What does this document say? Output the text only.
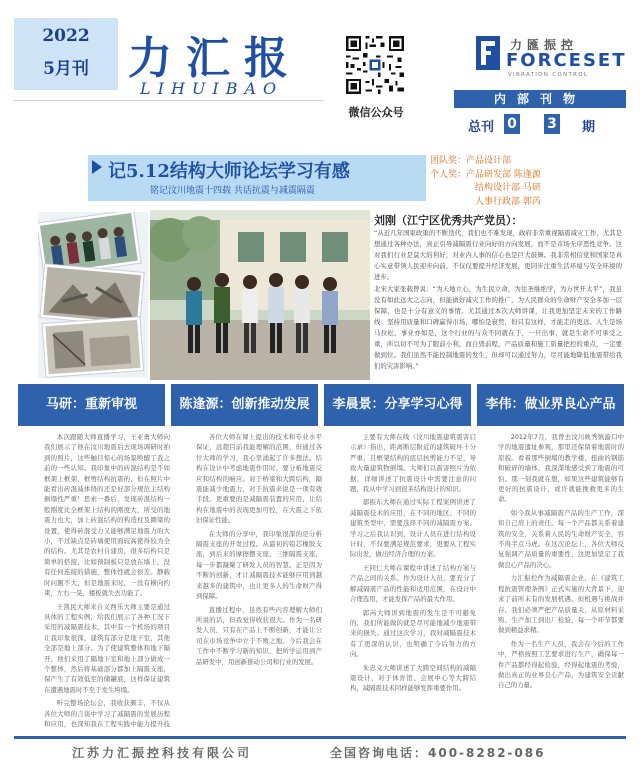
2022
5月刊 力汇报
LIHUIBAO
微信公众号
力匯振控
FORCESET
VIBRATION CONTROL
内部刊物
总刊 0 3 期
记5.12结构大师论坛学习有感
铭记汶川地震十四载 共话抗震与减震隔震
团队奖：产品设计部
个人奖：产品研发部 陈逢源
结构设计部 马研
人事行政部 郭芮
刘刚（江宁区优秀共产党员）：

“从近几年国家政策的不断迭代，我们也不难发现，政府非常重视隔震减灾工作，尤其是想通过各种办法，真正引导减隔震行业向好的方向发展，而不是市场无序恶性竞争。这对我们行业是莫大的利好，对业内人事的信心也是巨大鼓舞。我非常相信党和国家是真心实意带领人民迎步向前，不仅仅要提升经济发展，更同步注重生活环境与安全环境的进步。

北宋大家张载曾说：“为天地立心，为生民立命，为往圣继绝学，为万世开太平”，我虽没有如此远大之志向，但能做好减灾工作的推广，为人民群众的生命财产安全多加一层保障，也是十分有意义的事情。尤其通过本次大师讲课，让我更加坚定未来的工作路线：坚持用质量和口碑赢得市场，哪怕是衰势，但只有这样，才能走的更远。人生是场马拉松，事业亦如是，这个行业的与众不同就在于，一旦出事，就是生命不可承受之重，所以切不可为了眼前小利，而自毁前程，产品质量和施工质量把控的重点，一定要做到位。我们虽然不能控制地震的发生，但却可以通过努力，尽可能地降低地震带给我们的灾害影响。”

马研：重新审视	陈逢源：创新推动发展	李晨景：分享学习心得	李伟：做业界良心产品

本次跟随大师直播学习，王亚勇大师向我们展示了他在汶川地震后去现场调研时拍到的照片，这些触目惊心的场景唤醒了我之前的一些认知。我印象中的砖混结构是不如框架上框架、框剪结构抗震的，但在照片中能看出砖混减体绕的还是好部分规范主结构倒塌性严重！思索一番后，发现砖混结构一般刚度比全框架上结构的刚度大，所受的地震力也大，加上砖混结构的构造柱及圈梁的设置，使得砖混受力又能够满足地震力的大小，不过缺点是砖墙使用面较高使得较为全的结构。尤其是农村自建房，很多结构只是简单的搭接，比如预制板只是放在墙上，没有任何连接的措施，整体性就会很差。静载时问题不大，但是地震来时，一没有横向约束，左右一晃，楼板就失去功能了。

王凯民大师来自义西乐大师主要是通过具体的工程实例，给我们展示了各种工况下采用的减隔震技术，其中有一个机场的项目让我印象很深，建筑有部分是地下室，其他全部是地上部分。为了使建筑整体和地下隔开，他们采用了隔地下室和地上部分做成一个整体，然后将基础部分都加上隔震支座，保产生了有效低至的储罐底，这样保证建筑在遭遇地震时不至于发生垮塌。

听完整场论坛会，我收获颇丰，不仅从各位大师的言谈中学习了减隔震的发展历程和应用，也深知我在工程实践中能力提升技

各位大师在课上提出的技术和专业水平保证，远超目前我能理解的范围，但通过各位大师的学习，我心里涌起了许多想法。结构在设计中考虑地震作用时，要分析地震反应和结构的响应。对于桥梁和大跨结构，隔震能减少地震力，对于抗震来说是一项有效手段。更重要的是减隔震装置的应用，让结构在地震中的表现更加可控，在大震之下依旧保证性能。

在大师的分享中，我印象很深的是分析隔震支座的开发过程。从最初的铅芯橡胶支座，到后来的摩擦摆支座、三维隔震支座，每一步都凝聚了研发人员的智慧。正是因为不断的创新，才让减隔震技术能够应用到越来越多的建筑中，也让更多人的生命财产得到保障。

直播过程中，虽然有些内容理解大师们所说的话，但我觉得收获很大。作为一名研发人员，只有在产品上不断创新，才能让公司在市场竞争中立于不败之地。今后我会在工作中不断学习新的知识，把所学运用到产品研发中，用创新推动公司和行业的发展。

主要有大师在线（汶川地震建筑震害启示录）指出，距离断层附近的建筑破坏十分严重，且框架结构的底层抗剪能力不足，导致大量建筑物倒塌。大师们以震害照片为依据，详细讲述了抗震设计中需要注意的问题，我从中学习到很多结构设计的知识。

郁振东大师在通过实际工程案例讲述了减隔震技术的应用，在不同的地区、不同的建筑类型中，需要选择不同的减隔震方案。学习之后我认识到，设计人员在进行结构设计时，不仅要满足规范要求，更要从工程实际出发，做出经济合理的方案。

王同仁大师在课程中讲述了结构方案与产品之间的关系。作为设计人员，要充分了解减隔震产品的性能和适用范围，在设计中合理选用，才能发挥产品的最大作用。

郭芮大师讲到地震的发生是不可避免的，我们所能做的就是尽可能地减少地震带来的损失。通过这次学习，我对减隔震技术有了更深的认识，也明确了今后努力的方向。

朱忠义大师讲述了大跨空间结构的减隔震设计，对于体育馆、会展中心等大跨结构，减隔震技术同样能够发挥重要作用。

2012年7月，我曾去汶川映秀镇漩口中学的地震遗址参观，那里还保留着地震时的原貌。看着那些倒塌的教学楼，扭曲的钢筋和破碎的墙体，我深深地感受到了地震的可怕。那一刻我就在想，如果这些建筑能够有更好的抗震设计，或许就能挽救更多的生命。

如今我从事减隔震产品的生产工作，深知自己肩上的责任。每一个产品都关系着建筑的安全，关系着人民的生命财产安全，容不得半点马虎。在这次论坛上，各位大师反复强调产品质量的重要性，这更加坚定了我做良心产品的决心。

力汇振控作为减隔震企业，在《建筑工程抗震管理条例》正式实施的大背景下，迎来了前所未有的发展机遇。但机遇与挑战并存，我们必须严把产品质量关，从原材料采购、生产加工到出厂检验，每一个环节都要做到精益求精。

作为一名生产人员，我会在今后的工作中，严格按照工艺要求进行生产，确保每一件产品都经得起检验，经得起地震的考验，做出真正的业界良心产品，为建筑安全贡献自己的力量。

江苏力汇振控科技有限公司	全国咨询电话：400-8282-086
